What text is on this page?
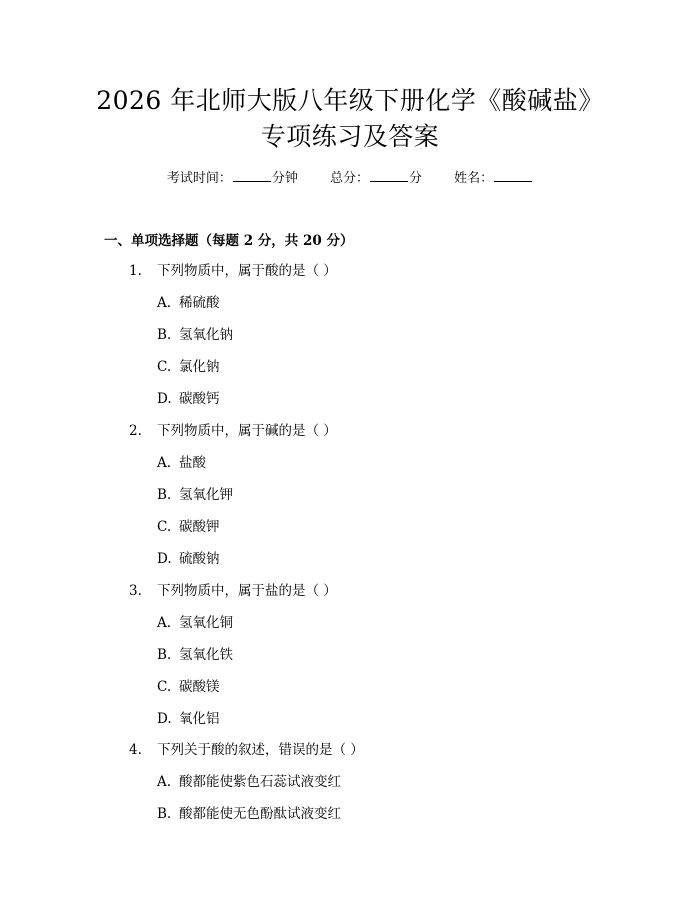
2026 年北师大版八年级下册化学《酸碱盐》
专项练习及答案
考试时间：	分钟 总分：	分 姓名：
一、单项选择题（每题 2 分，共 20 分）
1. 下列物质中，属于酸的是（ ）
A. 稀硫酸
B. 氢氧化钠
C. 氯化钠
D. 碳酸钙
2. 下列物质中，属于碱的是（ ）
A. 盐酸
B. 氢氧化钾
C. 碳酸钾
D. 硫酸钠
3. 下列物质中，属于盐的是（ ）
A. 氢氧化铜
B. 氢氧化铁
C. 碳酸镁
D. 氧化铝
4. 下列关于酸的叙述，错误的是（ ）
A. 酸都能使紫色石蕊试液变红
B. 酸都能使无色酚酞试液变红
